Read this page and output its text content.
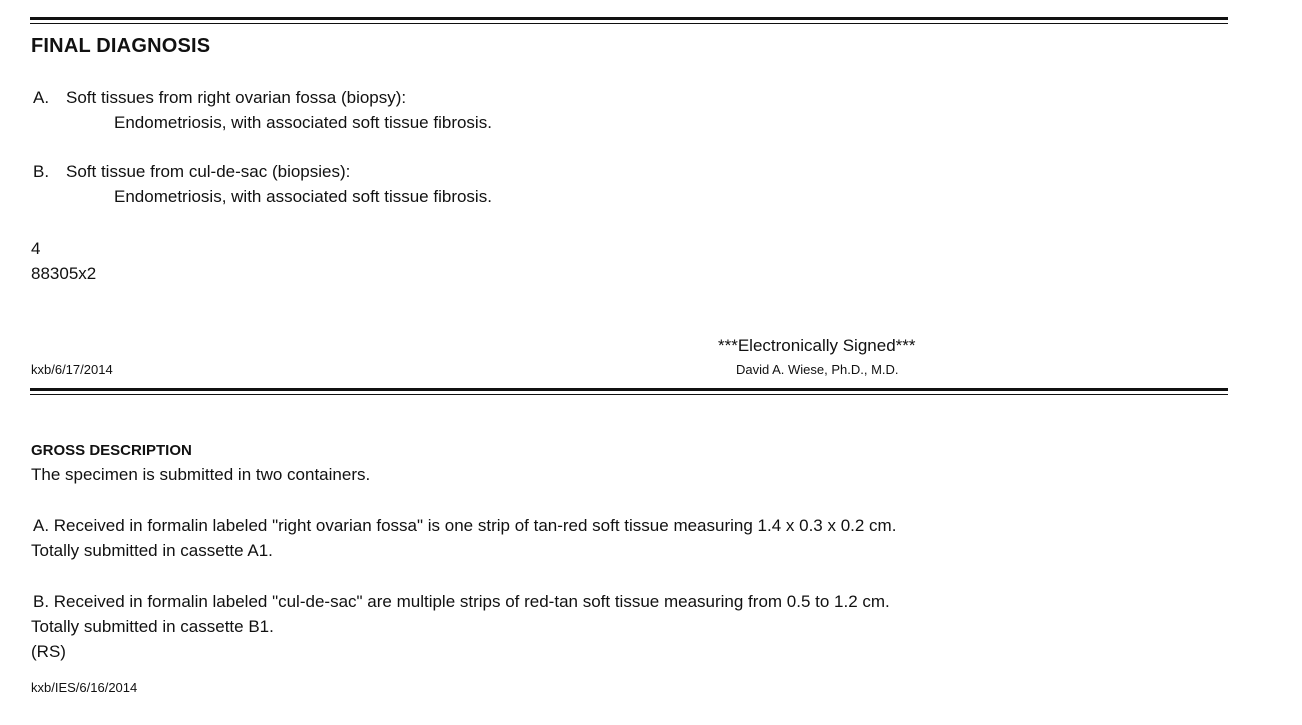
FINAL DIAGNOSIS
A. Soft tissues from right ovarian fossa (biopsy):
Endometriosis, with associated soft tissue fibrosis.
B. Soft tissue from cul-de-sac (biopsies):
Endometriosis, with associated soft tissue fibrosis.
4
88305x2
kxb/6/17/2014
***Electronically Signed***
David A. Wiese, Ph.D., M.D.
GROSS DESCRIPTION
The specimen is submitted in two containers.
A. Received in formalin labeled "right ovarian fossa" is one strip of tan-red soft tissue measuring 1.4 x 0.3 x 0.2 cm.
Totally submitted in cassette A1.
B. Received in formalin labeled "cul-de-sac" are multiple strips of red-tan soft tissue measuring from 0.5 to 1.2 cm.
Totally submitted in cassette B1.
(RS)
kxb/IES/6/16/2014
